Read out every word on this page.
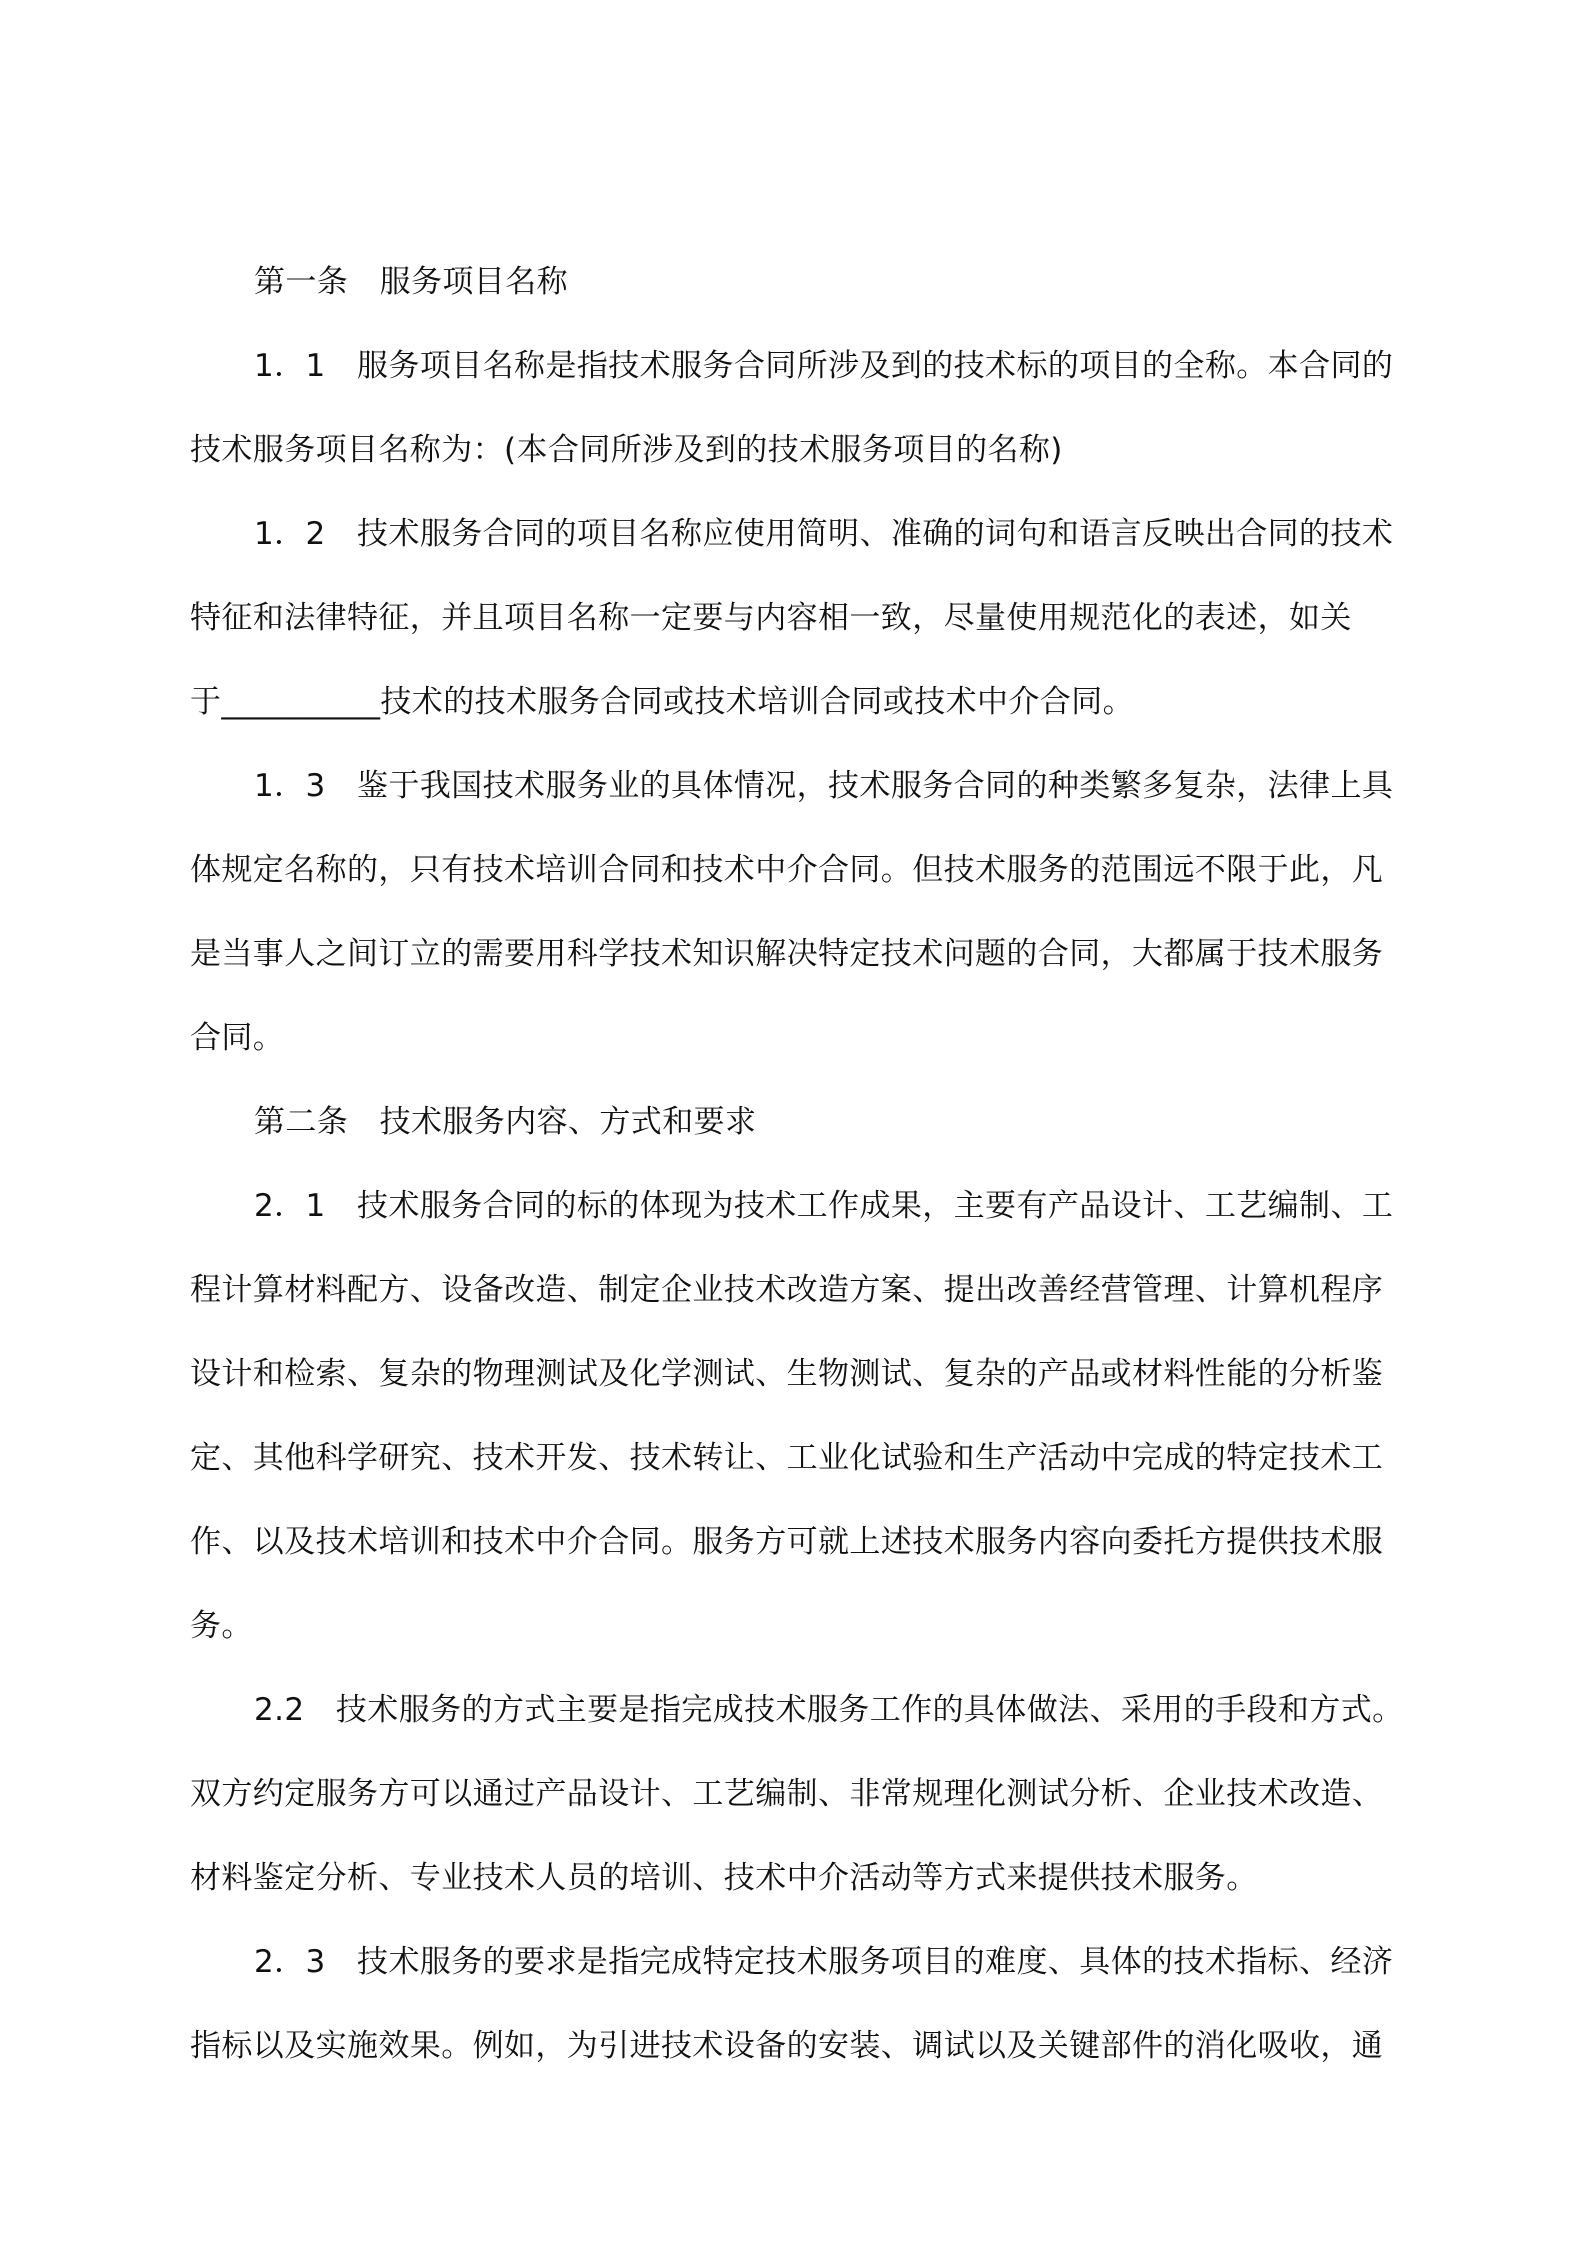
第一条　服务项目名称
1．1　服务项目名称是指技术服务合同所涉及到的技术标的项目的全称。本合同的
技术服务项目名称为：(本合同所涉及到的技术服务项目的名称)
1．2　技术服务合同的项目名称应使用简明、准确的词句和语言反映出合同的技术
特征和法律特征，并且项目名称一定要与内容相一致，尽量使用规范化的表述，如关
于__________技术的技术服务合同或技术培训合同或技术中介合同。
1．3　鉴于我国技术服务业的具体情况，技术服务合同的种类繁多复杂，法律上具
体规定名称的，只有技术培训合同和技术中介合同。但技术服务的范围远不限于此，凡
是当事人之间订立的需要用科学技术知识解决特定技术问题的合同，大都属于技术服务
合同。
第二条　技术服务内容、方式和要求
2．1　技术服务合同的标的体现为技术工作成果，主要有产品设计、工艺编制、工
程计算材料配方、设备改造、制定企业技术改造方案、提出改善经营管理、计算机程序
设计和检索、复杂的物理测试及化学测试、生物测试、复杂的产品或材料性能的分析鉴
定、其他科学研究、技术开发、技术转让、工业化试验和生产活动中完成的特定技术工
作、以及技术培训和技术中介合同。服务方可就上述技术服务内容向委托方提供技术服
务。
2.2　技术服务的方式主要是指完成技术服务工作的具体做法、采用的手段和方式。
双方约定服务方可以通过产品设计、工艺编制、非常规理化测试分析、企业技术改造、
材料鉴定分析、专业技术人员的培训、技术中介活动等方式来提供技术服务。
2．3　技术服务的要求是指完成特定技术服务项目的难度、具体的技术指标、经济
指标以及实施效果。例如，为引进技术设备的安装、调试以及关键部件的消化吸收，通
